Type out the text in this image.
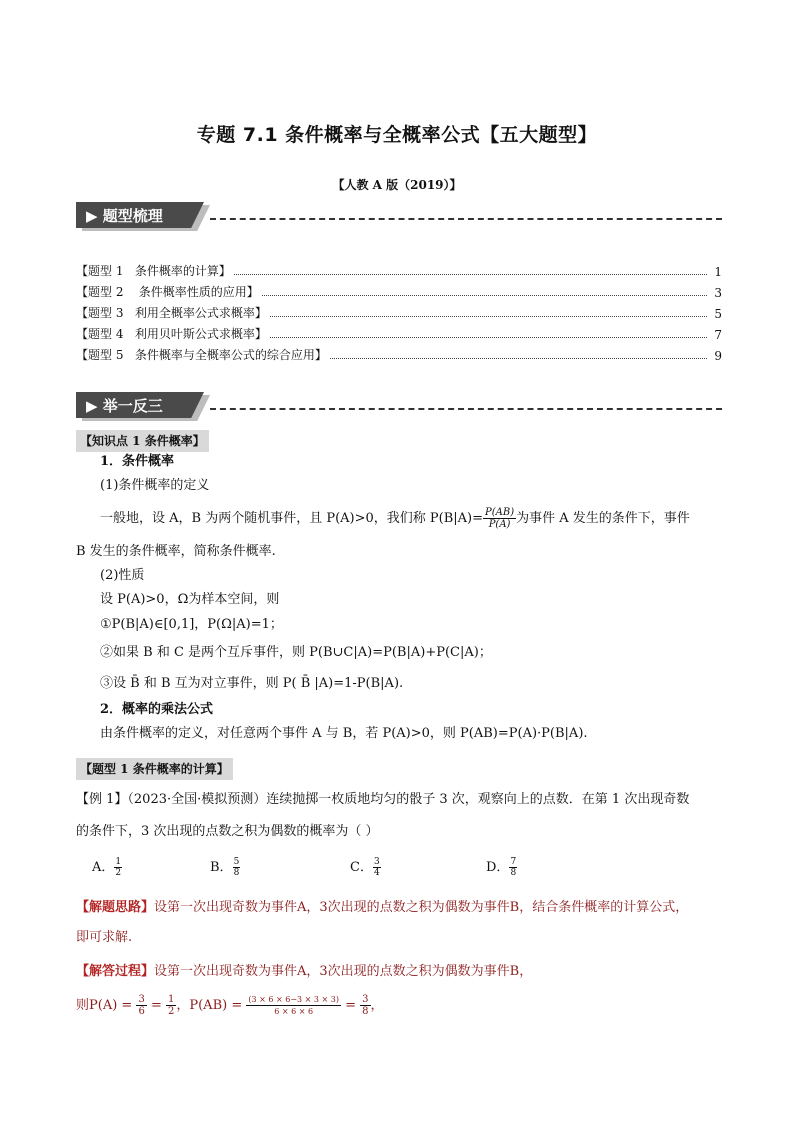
专题 7.1 条件概率与全概率公式【五大题型】
【人教 A 版（2019）】
▶ 题型梳理
【题型 1   条件概率的计算】	1
【题型 2    条件概率性质的应用】	3
【题型 3   利用全概率公式求概率】	5
【题型 4   利用贝叶斯公式求概率】	7
【题型 5   条件概率与全概率公式的综合应用】	9
▶ 举一反三
【知识点 1 条件概率】
1．条件概率
(1)条件概率的定义
一般地，设 A，B 为两个随机事件，且 P(A)>0，我们称 $P(B|A)= \frac{P(AB)}{P(A)}$ 为事件 A 发生的条件下，事件
B 发生的条件概率，简称条件概率.
(2)性质
设 P(A)>0，Ω为样本空间，则
①P(B|A)∈[0,1]，P(Ω|A)=1；
②如果 B 和 C 是两个互斥事件，则 P(B∪C|A)=P(B|A)+P(C|A)；
③设 B̄ 和 B 互为对立事件，则 P( B̄ |A)=1-P(B|A).
2．概率的乘法公式
由条件概率的定义，对任意两个事件 A 与 B，若 P(A)>0，则 P(AB)=P(A)·P(B|A).
【题型 1 条件概率的计算】
【例 1】（2023·全国·模拟预测）连续抛掷一枚质地均匀的骰子 3 次，观察向上的点数．在第 1 次出现奇数
的条件下，3 次出现的点数之积为偶数的概率为（ ）
A． $\frac{1}{2}$	B． $\frac{5}{8}$	C． $\frac{3}{4}$	D． $\frac{7}{8}$
【解题思路】设第一次出现奇数为事件A，3次出现的点数之积为偶数为事件B，结合条件概率的计算公式，
即可求解.
【解答过程】设第一次出现奇数为事件A，3次出现的点数之积为偶数为事件B，
则$P(A) = \frac{3}{6} = \frac{1}{2}$ ，$P(AB) = \frac{(3 \times 6 \times 6-3 \times 3 \times 3)}{6 \times 6 \times 6} = \frac{3}{8}$ ，
